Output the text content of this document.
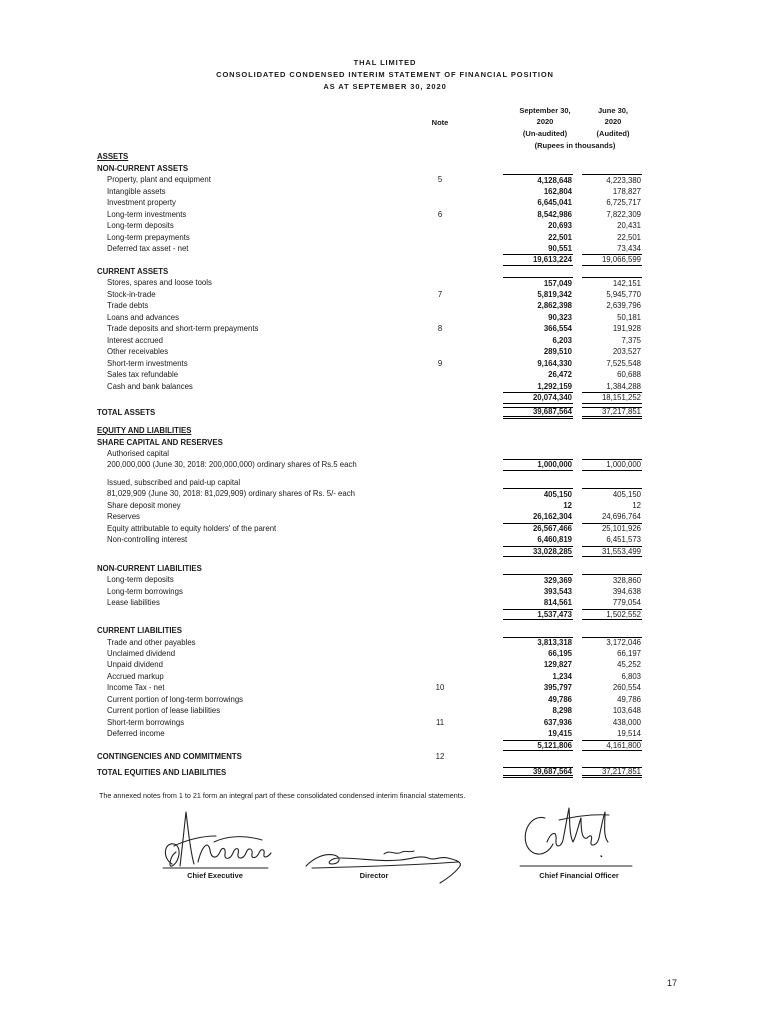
THAL LIMITED
CONSOLIDATED CONDENSED INTERIM STATEMENT OF FINANCIAL POSITION
AS AT SEPTEMBER 30, 2020
Note
September 30,
2020
(Un-audited)
June 30,
2020
(Audited)
(Rupees in thousands)
ASSETS
NON-CURRENT ASSETS
Property, plant and equipment	5	4,128,648	4,223,380
Intangible assets	162,804	178,827
Investment property	6,645,041	6,725,717
Long-term investments	6	8,542,986	7,822,309
Long-term deposits	20,693	20,431
Long-term prepayments	22,501	22,501
Deferred tax asset - net	90,551	73,434
19,613,224	19,066,599
CURRENT ASSETS
Stores, spares and loose tools	157,049	142,151
Stock-in-trade	7	5,819,342	5,945,770
Trade debts	2,862,398	2,639,796
Loans and advances	90,323	50,181
Trade deposits and short-term prepayments	8	366,554	191,928
Interest accrued	6,203	7,375
Other receivables	289,510	203,527
Short-term investments	9	9,164,330	7,525,548
Sales tax refundable	26,472	60,688
Cash and bank balances	1,292,159	1,384,288
20,074,340	18,151,252
TOTAL ASSETS	39,687,564	37,217,851
EQUITY AND LIABILITIES
SHARE CAPITAL AND RESERVES
Authorised capital
200,000,000 (June 30, 2018: 200,000,000) ordinary shares of Rs.5 each	1,000,000	1,000,000
Issued, subscribed and paid-up capital
81,029,909 (June 30, 2018: 81,029,909) ordinary shares of Rs. 5/- each	405,150	405,150
Share deposit money	12	12
Reserves	26,162,304	24,696,764
Equity attributable to equity holders' of the parent	26,567,466	25,101,926
Non-controlling interest	6,460,819	6,451,573
33,028,285	31,553,499
NON-CURRENT LIABILITIES
Long-term deposits	329,369	328,860
Long-term borrowings	393,543	394,638
Lease liabilities	814,561	779,054
1,537,473	1,502,552
CURRENT LIABILITIES
Trade and other payables	3,813,318	3,172,046
Unclaimed dividend	66,195	66,197
Unpaid dividend	129,827	45,252
Accrued markup	1,234	6,803
Income Tax - net	10	395,797	260,554
Current portion of long-term borrowings	49,786	49,786
Current portion of lease liabilities	8,298	103,648
Short-term borrowings	11	637,936	438,000
Deferred income	19,415	19,514
5,121,806	4,161,800
CONTINGENCIES AND COMMITMENTS	12
TOTAL EQUITIES AND LIABILITIES	39,687,564	37,217,851
The annexed notes from 1 to 21 form an integral part of these consolidated condensed interim financial statements.
Chief Executive	Director	Chief Financial Officer
17
